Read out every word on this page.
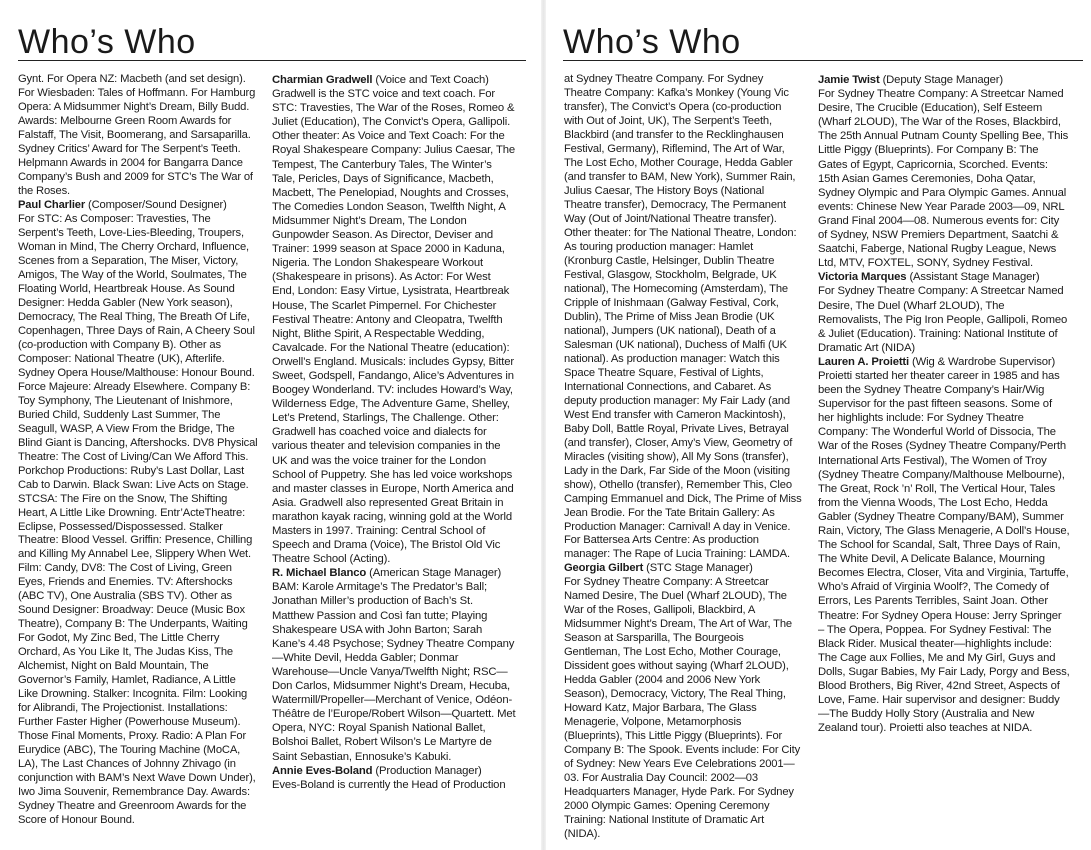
Who’s Who

Gynt. For Opera NZ: Macbeth (and set design). For Wiesbaden: Tales of Hoffmann. For Hamburg Opera: A Midsummer Night’s Dream, Billy Budd. Awards: Melbourne Green Room Awards for Falstaff, The Visit, Boomerang, and Sarsaparilla. Sydney Critics’ Award for The Serpent’s Teeth. Helpmann Awards in 2004 for Bangarra Dance Company’s Bush and 2009 for STC’s The War of the Roses.

Paul Charlier (Composer/Sound Designer)
For STC: As Composer: Travesties, The Serpent’s Teeth, Love-Lies-Bleeding, Troupers, Woman in Mind, The Cherry Orchard, Influence, Scenes from a Separation, The Miser, Victory, Amigos, The Way of the World, Soulmates, The Floating World, Heartbreak House. As Sound Designer: Hedda Gabler (New York season), Democracy, The Real Thing, The Breath Of Life, Copenhagen, Three Days of Rain, A Cheery Soul (co-production with Company B). Other as Composer: National Theatre (UK), Afterlife. Sydney Opera House/Malthouse: Honour Bound. Force Majeure: Already Elsewhere. Company B: Toy Symphony, The Lieutenant of Inishmore, Buried Child, Suddenly Last Summer, The Seagull, WASP, A View From the Bridge, The Blind Giant is Dancing, Aftershocks. DV8 Physical Theatre: The Cost of Living/Can We Afford This. Porkchop Productions: Ruby’s Last Dollar, Last Cab to Darwin. Black Swan: Live Acts on Stage. STCSA: The Fire on the Snow, The Shifting Heart, A Little Like Drowning. Entr’ActeTheatre: Eclipse, Possessed/Dispossessed. Stalker Theatre: Blood Vessel. Griffin: Presence, Chilling and Killing My Annabel Lee, Slippery When Wet. Film: Candy, DV8: The Cost of Living, Green Eyes, Friends and Enemies. TV: Aftershocks (ABC TV), One Australia (SBS TV). Other as Sound Designer: Broadway: Deuce (Music Box Theatre), Company B: The Underpants, Waiting For Godot, My Zinc Bed, The Little Cherry Orchard, As You Like It, The Judas Kiss, The Alchemist, Night on Bald Mountain, The Governor’s Family, Hamlet, Radiance, A Little Like Drowning. Stalker: Incognita. Film: Looking for Alibrandi, The Projectionist. Installations: Further Faster Higher (Powerhouse Museum). Those Final Moments, Proxy. Radio: A Plan For Eurydice (ABC), The Touring Machine (MoCA, LA), The Last Chances of Johnny Zhivago (in conjunction with BAM’s Next Wave Down Under), Iwo Jima Souvenir, Remembrance Day. Awards: Sydney Theatre and Greenroom Awards for the Score of Honour Bound.

Charmian Gradwell (Voice and Text Coach)
Gradwell is the STC voice and text coach. For STC: Travesties, The War of the Roses, Romeo & Juliet (Education), The Convict’s Opera, Gallipoli. Other theater: As Voice and Text Coach: For the Royal Shakespeare Company: Julius Caesar, The Tempest, The Canterbury Tales, The Winter’s Tale, Pericles, Days of Significance, Macbeth, Macbett, The Penelopiad, Noughts and Crosses, The Comedies London Season, Twelfth Night, A Midsummer Night’s Dream, The London Gunpowder Season. As Director, Deviser and Trainer: 1999 season at Space 2000 in Kaduna, Nigeria. The London Shakespeare Workout (Shakespeare in prisons). As Actor: For West End, London: Easy Virtue, Lysistrata, Heartbreak House, The Scarlet Pimpernel. For Chichester Festival Theatre: Antony and Cleopatra, Twelfth Night, Blithe Spirit, A Respectable Wedding, Cavalcade. For the National Theatre (education): Orwell’s England. Musicals: includes Gypsy, Bitter Sweet, Godspell, Fandango, Alice’s Adventures in Boogey Wonderland. TV: includes Howard’s Way, Wilderness Edge, The Adventure Game, Shelley, Let’s Pretend, Starlings, The Challenge. Other: Gradwell has coached voice and dialects for various theater and television companies in the UK and was the voice trainer for the London School of Puppetry. She has led voice workshops and master classes in Europe, North America and Asia. Gradwell also represented Great Britain in marathon kayak racing, winning gold at the World Masters in 1997. Training: Central School of Speech and Drama (Voice), The Bristol Old Vic Theatre School (Acting).

R. Michael Blanco (American Stage Manager)
BAM: Karole Armitage’s The Predator’s Ball; Jonathan Miller’s production of Bach’s St. Matthew Passion and Così fan tutte; Playing Shakespeare USA with John Barton; Sarah Kane’s 4.48 Psychose; Sydney Theatre Company—White Devil, Hedda Gabler; Donmar Warehouse—Uncle Vanya/Twelfth Night; RSC—Don Carlos, Midsummer Night’s Dream, Hecuba, Watermill/Propeller—Merchant of Venice, Odéon-Théâtre de l’Europe/Robert Wilson—Quartett. Met Opera, NYC: Royal Spanish National Ballet, Bolshoi Ballet, Robert Wilson’s Le Martyre de Saint Sebastian, Ennosuke’s Kabuki.

Annie Eves-Boland (Production Manager)
Eves-Boland is currently the Head of Production

Who’s Who

at Sydney Theatre Company. For Sydney Theatre Company: Kafka’s Monkey (Young Vic transfer), The Convict’s Opera (co-production with Out of Joint, UK), The Serpent’s Teeth, Blackbird (and transfer to the Recklinghausen Festival, Germany), Riflemind, The Art of War, The Lost Echo, Mother Courage, Hedda Gabler (and transfer to BAM, New York), Summer Rain, Julius Caesar, The History Boys (National Theatre transfer), Democracy, The Permanent Way (Out of Joint/National Theatre transfer). Other theater: for The National Theatre, London: As touring production manager: Hamlet (Kronburg Castle, Helsinger, Dublin Theatre Festival, Glasgow, Stockholm, Belgrade, UK national), The Homecoming (Amsterdam), The Cripple of Inishmaan (Galway Festival, Cork, Dublin), The Prime of Miss Jean Brodie (UK national), Jumpers (UK national), Death of a Salesman (UK national), Duchess of Malfi (UK national). As production manager: Watch this Space Theatre Square, Festival of Lights, International Connections, and Cabaret. As deputy production manager: My Fair Lady (and West End transfer with Cameron Mackintosh), Baby Doll, Battle Royal, Private Lives, Betrayal (and transfer), Closer, Amy’s View, Geometry of Miracles (visiting show), All My Sons (transfer), Lady in the Dark, Far Side of the Moon (visiting show), Othello (transfer), Remember This, Cleo Camping Emmanuel and Dick, The Prime of Miss Jean Brodie. For the Tate Britain Gallery: As Production Manager: Carnival! A day in Venice. For Battersea Arts Centre: As production manager: The Rape of Lucia Training: LAMDA.

Georgia Gilbert (STC Stage Manager)
For Sydney Theatre Company: A Streetcar Named Desire, The Duel (Wharf 2LOUD), The War of the Roses, Gallipoli, Blackbird, A Midsummer Night’s Dream, The Art of War, The Season at Sarsparilla, The Bourgeois Gentleman, The Lost Echo, Mother Courage, Dissident goes without saying (Wharf 2LOUD), Hedda Gabler (2004 and 2006 New York Season), Democracy, Victory, The Real Thing, Howard Katz, Major Barbara, The Glass Menagerie, Volpone, Metamorphosis (Blueprints), This Little Piggy (Blueprints). For Company B: The Spook. Events include: For City of Sydney: New Years Eve Celebrations 2001—03. For Australia Day Council: 2002—03 Headquarters Manager, Hyde Park. For Sydney 2000 Olympic Games: Opening Ceremony Training: National Institute of Dramatic Art (NIDA).

Jamie Twist (Deputy Stage Manager)
For Sydney Theatre Company: A Streetcar Named Desire, The Crucible (Education), Self Esteem (Wharf 2LOUD), The War of the Roses, Blackbird, The 25th Annual Putnam County Spelling Bee, This Little Piggy (Blueprints). For Company B: The Gates of Egypt, Capricornia, Scorched. Events: 15th Asian Games Ceremonies, Doha Qatar, Sydney Olympic and Para Olympic Games. Annual events: Chinese New Year Parade 2003—09, NRL Grand Final 2004—08. Numerous events for: City of Sydney, NSW Premiers Department, Saatchi & Saatchi, Faberge, National Rugby League, News Ltd, MTV, FOXTEL, SONY, Sydney Festival.

Victoria Marques (Assistant Stage Manager)
For Sydney Theatre Company: A Streetcar Named Desire, The Duel (Wharf 2LOUD), The Removalists, The Pig Iron People, Gallipoli, Romeo & Juliet (Education). Training: National Institute of Dramatic Art (NIDA)

Lauren A. Proietti (Wig & Wardrobe Supervisor)
Proietti started her theater career in 1985 and has been the Sydney Theatre Company’s Hair/Wig Supervisor for the past fifteen seasons. Some of her highlights include: For Sydney Theatre Company: The Wonderful World of Dissocia, The War of the Roses (Sydney Theatre Company/Perth International Arts Festival), The Women of Troy (Sydney Theatre Company/Malthouse Melbourne), The Great, Rock ’n’ Roll, The Vertical Hour, Tales from the Vienna Woods, The Lost Echo, Hedda Gabler (Sydney Theatre Company/BAM), Summer Rain, Victory, The Glass Menagerie, A Doll’s House, The School for Scandal, Salt, Three Days of Rain, The White Devil, A Delicate Balance, Mourning Becomes Electra, Closer, Vita and Virginia, Tartuffe, Who’s Afraid of Virginia Woolf?, The Comedy of Errors, Les Parents Terribles, Saint Joan. Other Theatre: For Sydney Opera House: Jerry Springer – The Opera, Poppea. For Sydney Festival: The Black Rider. Musical theater—highlights include: The Cage aux Follies, Me and My Girl, Guys and Dolls, Sugar Babies, My Fair Lady, Porgy and Bess, Blood Brothers, Big River, 42nd Street, Aspects of Love, Fame. Hair supervisor and designer: Buddy—The Buddy Holly Story (Australia and New Zealand tour). Proietti also teaches at NIDA.
